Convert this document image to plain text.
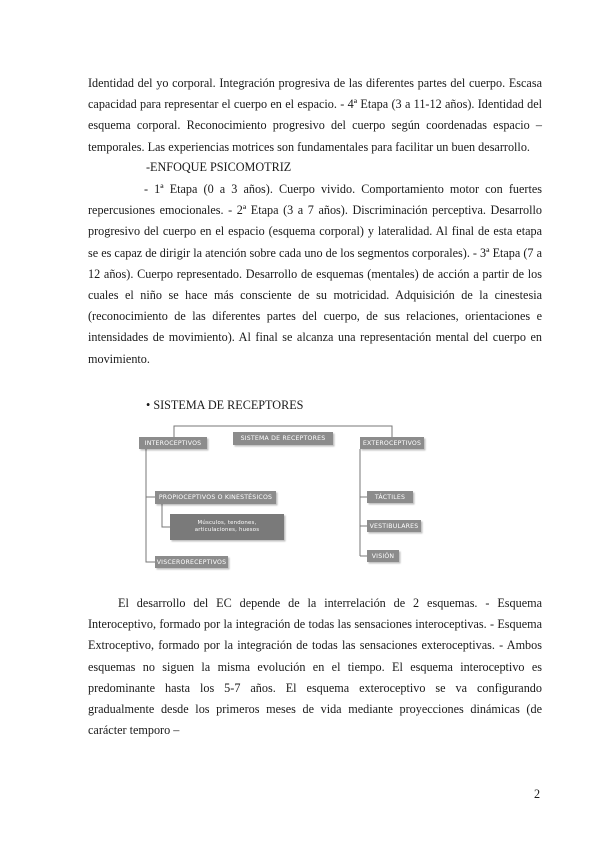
Identidad del yo corporal. Integración progresiva de las diferentes partes del cuerpo. Escasa capacidad para representar el cuerpo en el espacio. - 4ª Etapa (3 a 11-12 años). Identidad del esquema corporal. Reconocimiento progresivo del cuerpo según coordenadas espacio – temporales. Las experiencias motrices son fundamentales para facilitar un buen desarrollo.

-ENFOQUE PSICOMOTRIZ

- 1ª Etapa (0 a 3 años). Cuerpo vivido. Comportamiento motor con fuertes repercusiones emocionales. - 2ª Etapa (3 a 7 años). Discriminación perceptiva. Desarrollo progresivo del cuerpo en el espacio (esquema corporal) y lateralidad. Al final de esta etapa se es capaz de dirigir la atención sobre cada uno de los segmentos corporales). - 3ª Etapa (7 a 12 años). Cuerpo representado. Desarrollo de esquemas (mentales) de acción a partir de los cuales el niño se hace más consciente de su motricidad. Adquisición de la cinestesia (reconocimiento de las diferentes partes del cuerpo, de sus relaciones, orientaciones e intensidades de movimiento). Al final se alcanza una representación mental del cuerpo en movimiento.

• SISTEMA DE RECEPTORES

SISTEMA DE RECEPTORES
INTEROCEPTIVOS	EXTEROCEPTIVOS
PROPIOCEPTIVOS O KINESTÉSICOS
Músculos, tendones,
articulaciones, huesos
VISCERORECEPTIVOS
TÁCTILES
VESTIBULARES
VISIÓN

El desarrollo del EC depende de la interrelación de 2 esquemas. - Esquema Interoceptivo, formado por la integración de todas las sensaciones interoceptivas. - Esquema Extroceptivo, formado por la integración de todas las sensaciones exteroceptivas. - Ambos esquemas no siguen la misma evolución en el tiempo. El esquema interoceptivo es predominante hasta los 5-7 años. El esquema exteroceptivo se va configurando gradualmente desde los primeros meses de vida mediante proyecciones dinámicas (de carácter temporo –

2
